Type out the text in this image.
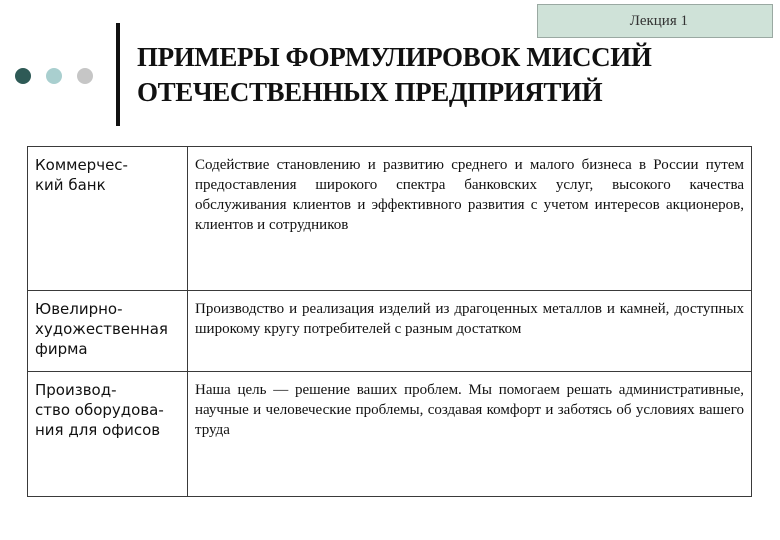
Лекция 1
ПРИМЕРЫ ФОРМУЛИРОВОК МИССИЙ
ОТЕЧЕСТВЕННЫХ ПРЕДПРИЯТИЙ
Коммерчес-
кий банк	Содействие становлению и развитию среднего и малого бизнеса в России путем предоставления широкого спектра банковских услуг, высокого качества обслуживания клиентов и эффективного развития с учетом интересов акционеров, клиентов и сотрудников

Ювелирно-
художественная
фирма	Производство и реализация изделий из драгоценных металлов и камней, доступных широкому кругу потребителей с разным достатком

Производ-
ство оборудова-
ния для офисов	Наша цель — решение ваших проблем. Мы помогаем решать административные, научные и человеческие проблемы, создавая комфорт и заботясь об условиях вашего труда
